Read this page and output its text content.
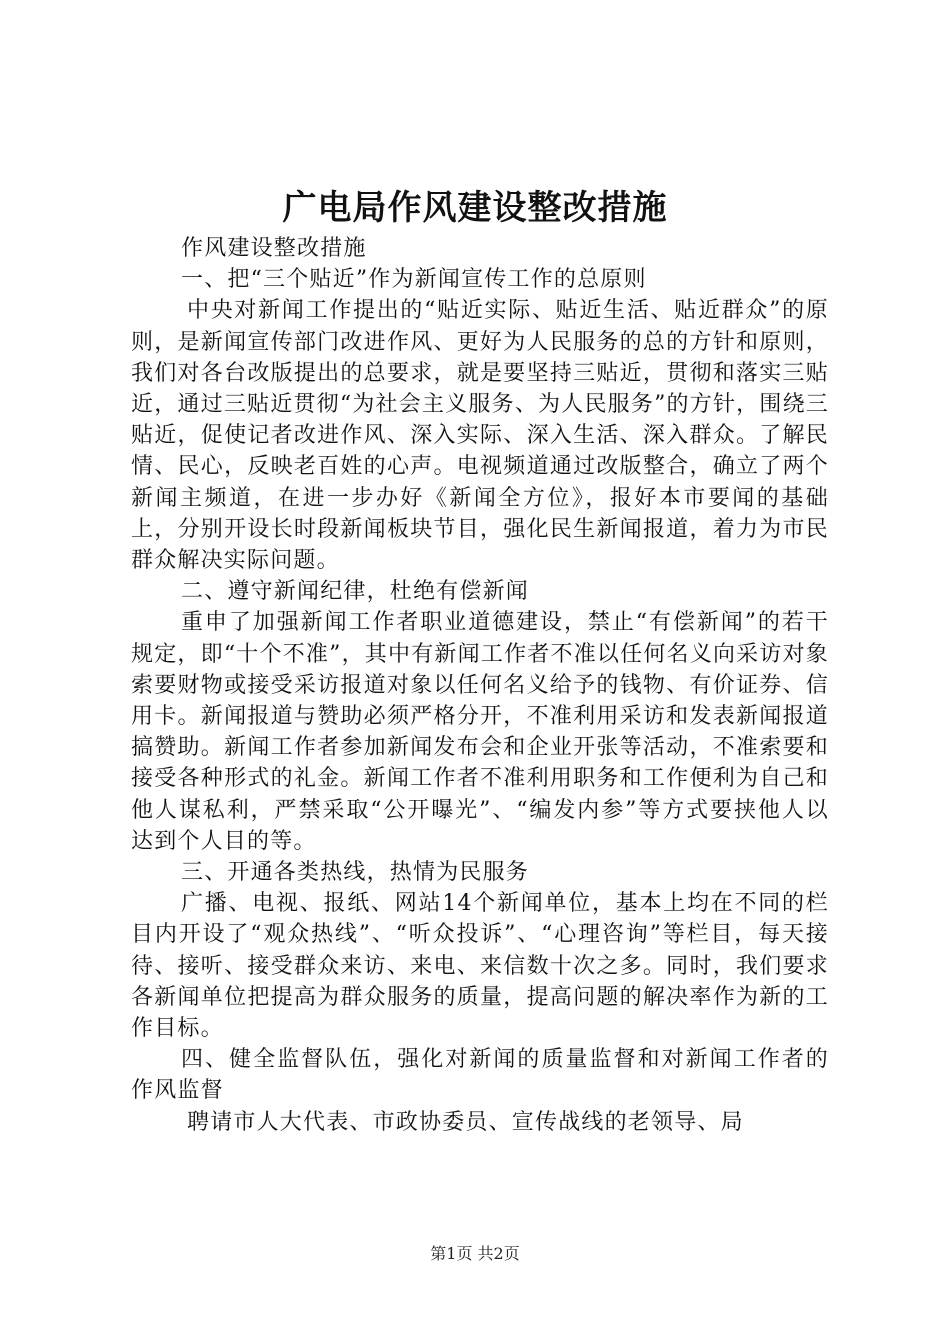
广电局作风建设整改措施

作风建设整改措施

一、把“三个贴近”作为新闻宣传工作的总原则

中央对新闻工作提出的“贴近实际、贴近生活、贴近群众”的原则，是新闻宣传部门改进作风、更好为人民服务的总的方针和原则，我们对各台改版提出的总要求，就是要坚持三贴近，贯彻和落实三贴近，通过三贴近贯彻“为社会主义服务、为人民服务”的方针，围绕三贴近，促使记者改进作风、深入实际、深入生活、深入群众。了解民情、民心，反映老百姓的心声。电视频道通过改版整合，确立了两个新闻主频道，在进一步办好《新闻全方位》，报好本市要闻的基础上，分别开设长时段新闻板块节目，强化民生新闻报道，着力为市民群众解决实际问题。

二、遵守新闻纪律，杜绝有偿新闻

重申了加强新闻工作者职业道德建设，禁止“有偿新闻”的若干规定，即“十个不准”，其中有新闻工作者不准以任何名义向采访对象索要财物或接受采访报道对象以任何名义给予的钱物、有价证券、信用卡。新闻报道与赞助必须严格分开，不准利用采访和发表新闻报道搞赞助。新闻工作者参加新闻发布会和企业开张等活动，不准索要和接受各种形式的礼金。新闻工作者不准利用职务和工作便利为自己和他人谋私利，严禁采取“公开曝光”、“编发内参”等方式要挟他人以达到个人目的等。

三、开通各类热线，热情为民服务

广播、电视、报纸、网站14个新闻单位，基本上均在不同的栏目内开设了“观众热线”、“听众投诉”、“心理咨询”等栏目，每天接待、接听、接受群众来访、来电、来信数十次之多。同时，我们要求各新闻单位把提高为群众服务的质量，提高问题的解决率作为新的工作目标。

四、健全监督队伍，强化对新闻的质量监督和对新闻工作者的作风监督

聘请市人大代表、市政协委员、宣传战线的老领导、局

第1页 共2页
